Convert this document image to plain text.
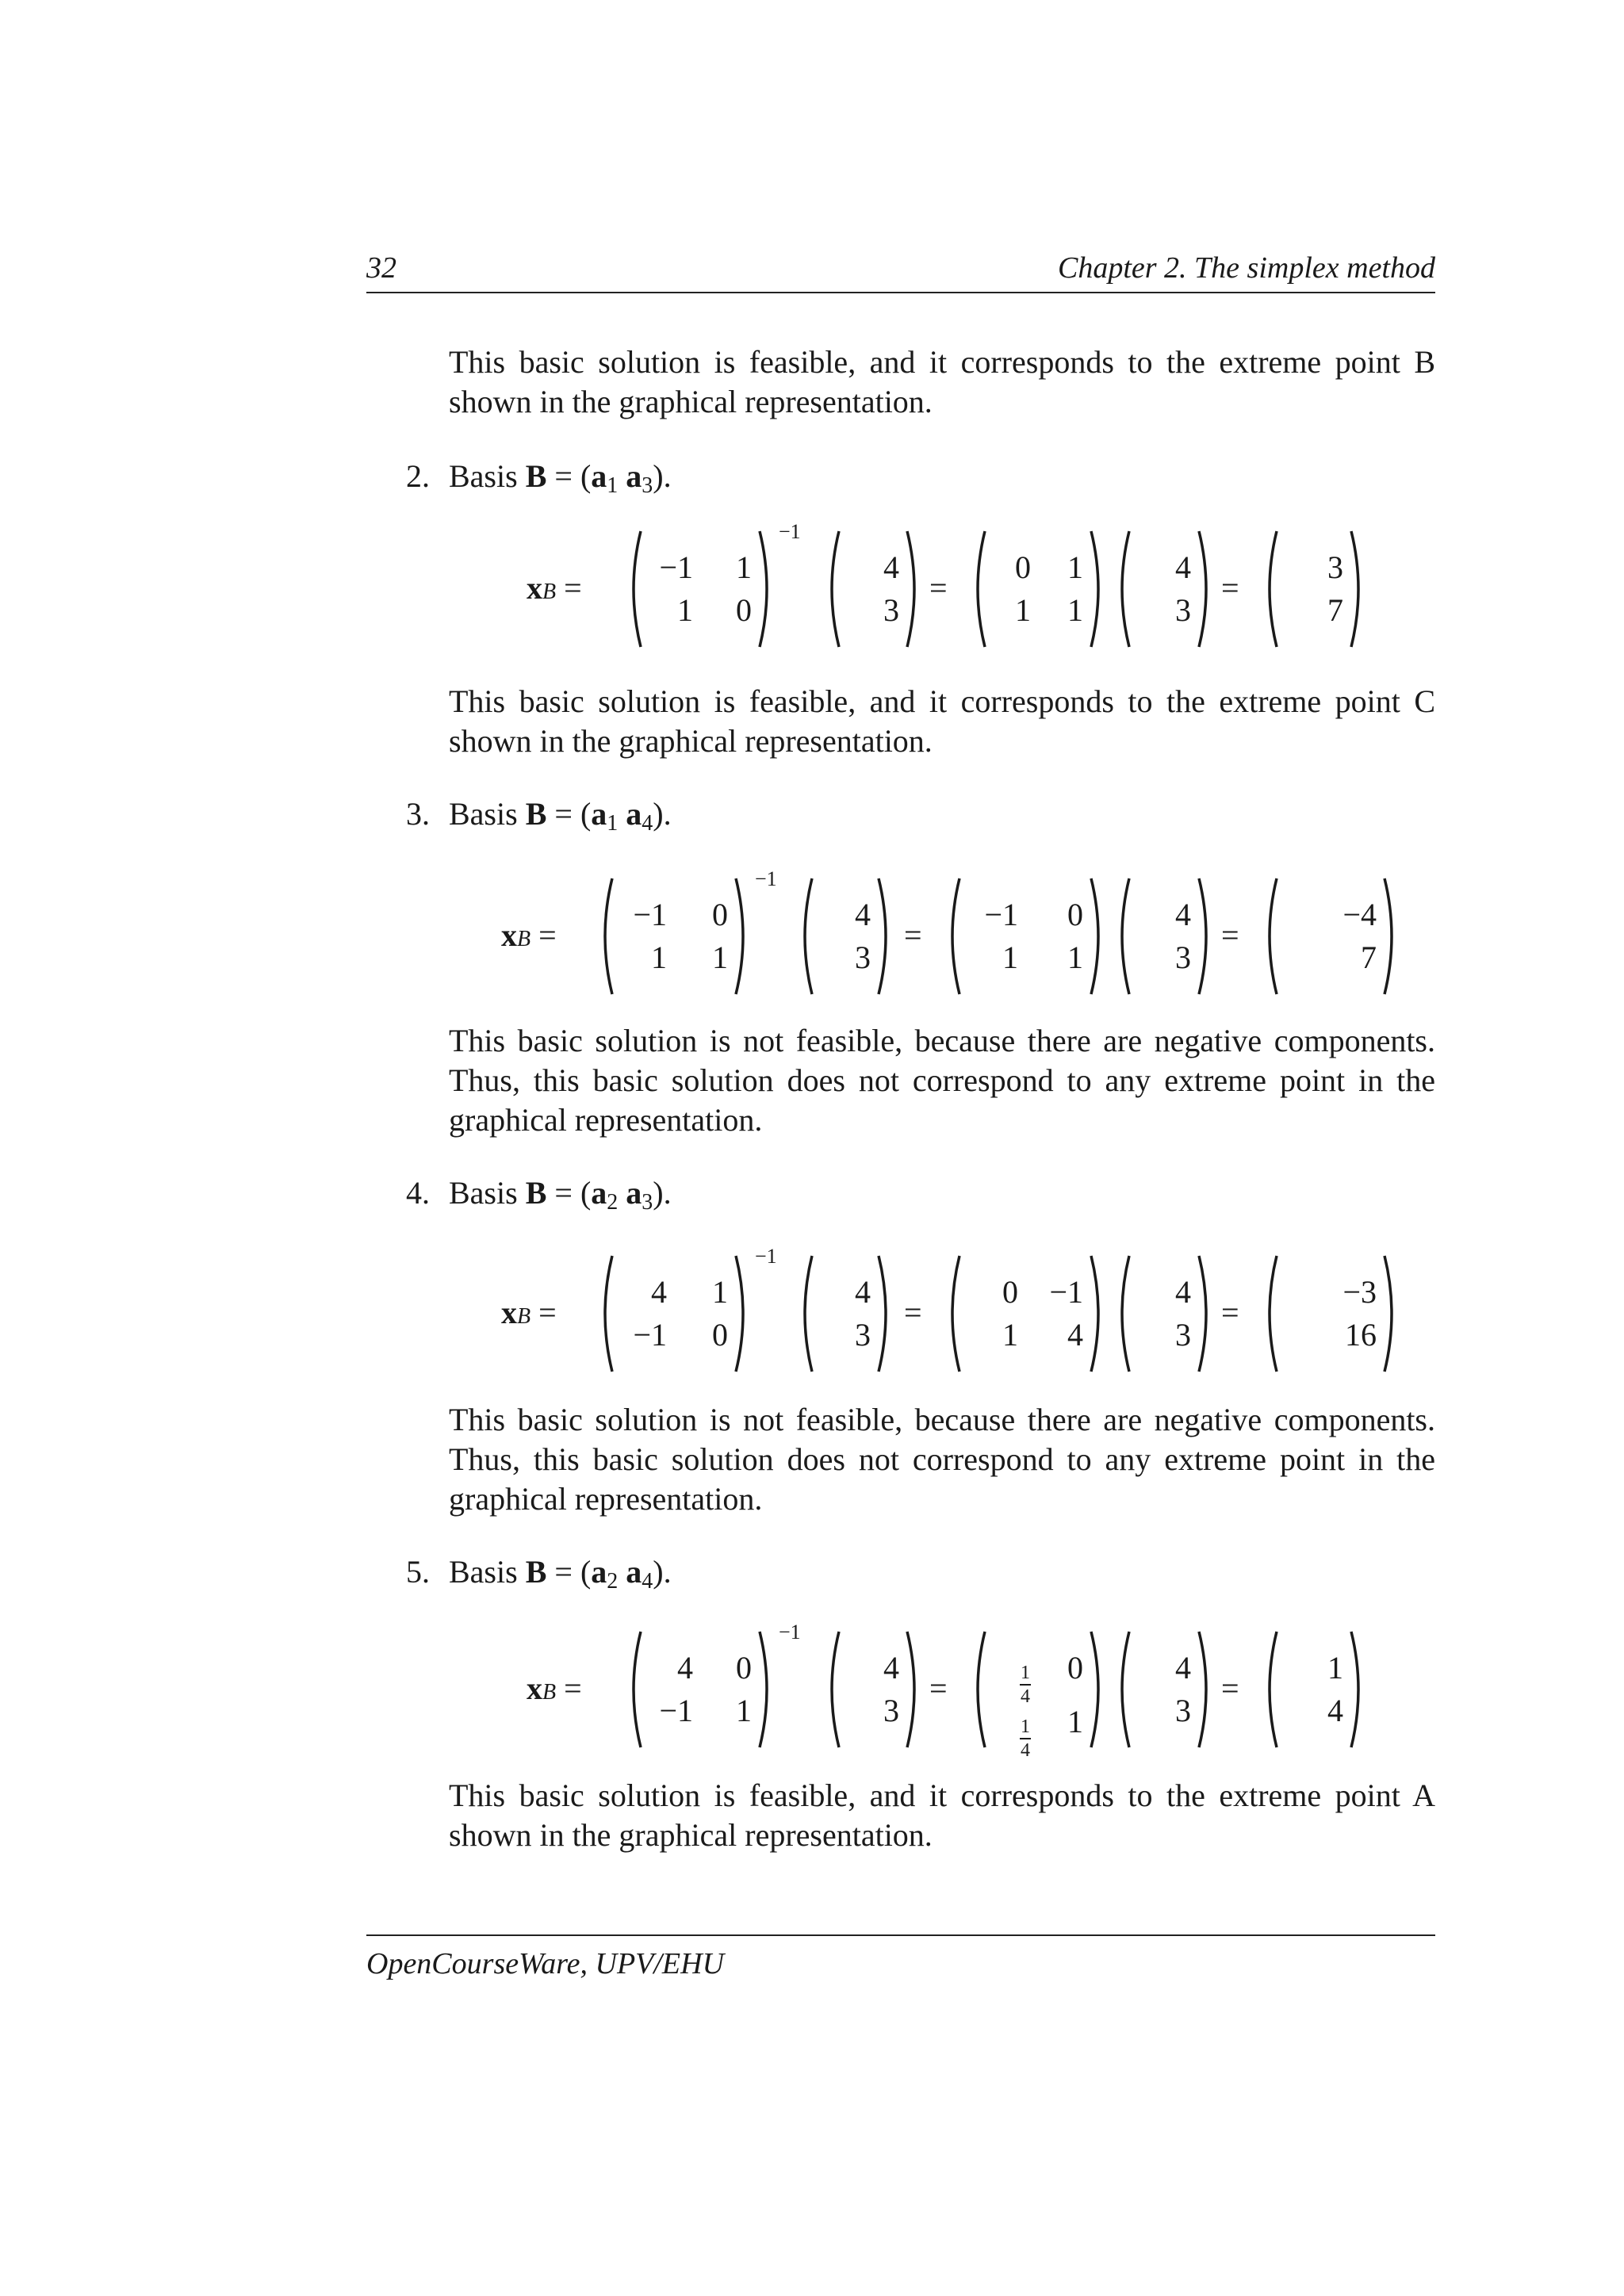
32	Chapter 2. The simplex method

This basic solution is feasible, and it corresponds to the extreme point B shown in the graphical representation.

2. Basis $B = (a_1$ $a_3$).
xB =
−1	1
1	0
−1
4
3
=
0	1
1	1
4
3
=
3
7

This basic solution is feasible, and it corresponds to the extreme point C shown in the graphical representation.

3. Basis $B = (a_1$ $a_4$).
xB =
−1	0
1	1
−1
4
3
=
−1	0
1	1
4
3
=
−4
7

This basic solution is not feasible, because there are negative components. Thus, this basic solution does not correspond to any extreme point in the graphical representation.

4. Basis $B = (a_2$ $a_3$).
xB =
4	1
−1	0
−1
4
3
=
0 −1
1	4
4
3
=
−3
16

This basic solution is not feasible, because there are negative components. Thus, this basic solution does not correspond to any extreme point in the graphical representation.

5. Basis $B = (a_2$ $a_4$).
xB =
4	0
−1	1
−1
4
3
=	$\frac{1}{4}$	0
$\frac{1}{4}$	1
4
3
=
1
4

This basic solution is feasible, and it corresponds to the extreme point A shown in the graphical representation.

OpenCourseWare, UPV/EHU
